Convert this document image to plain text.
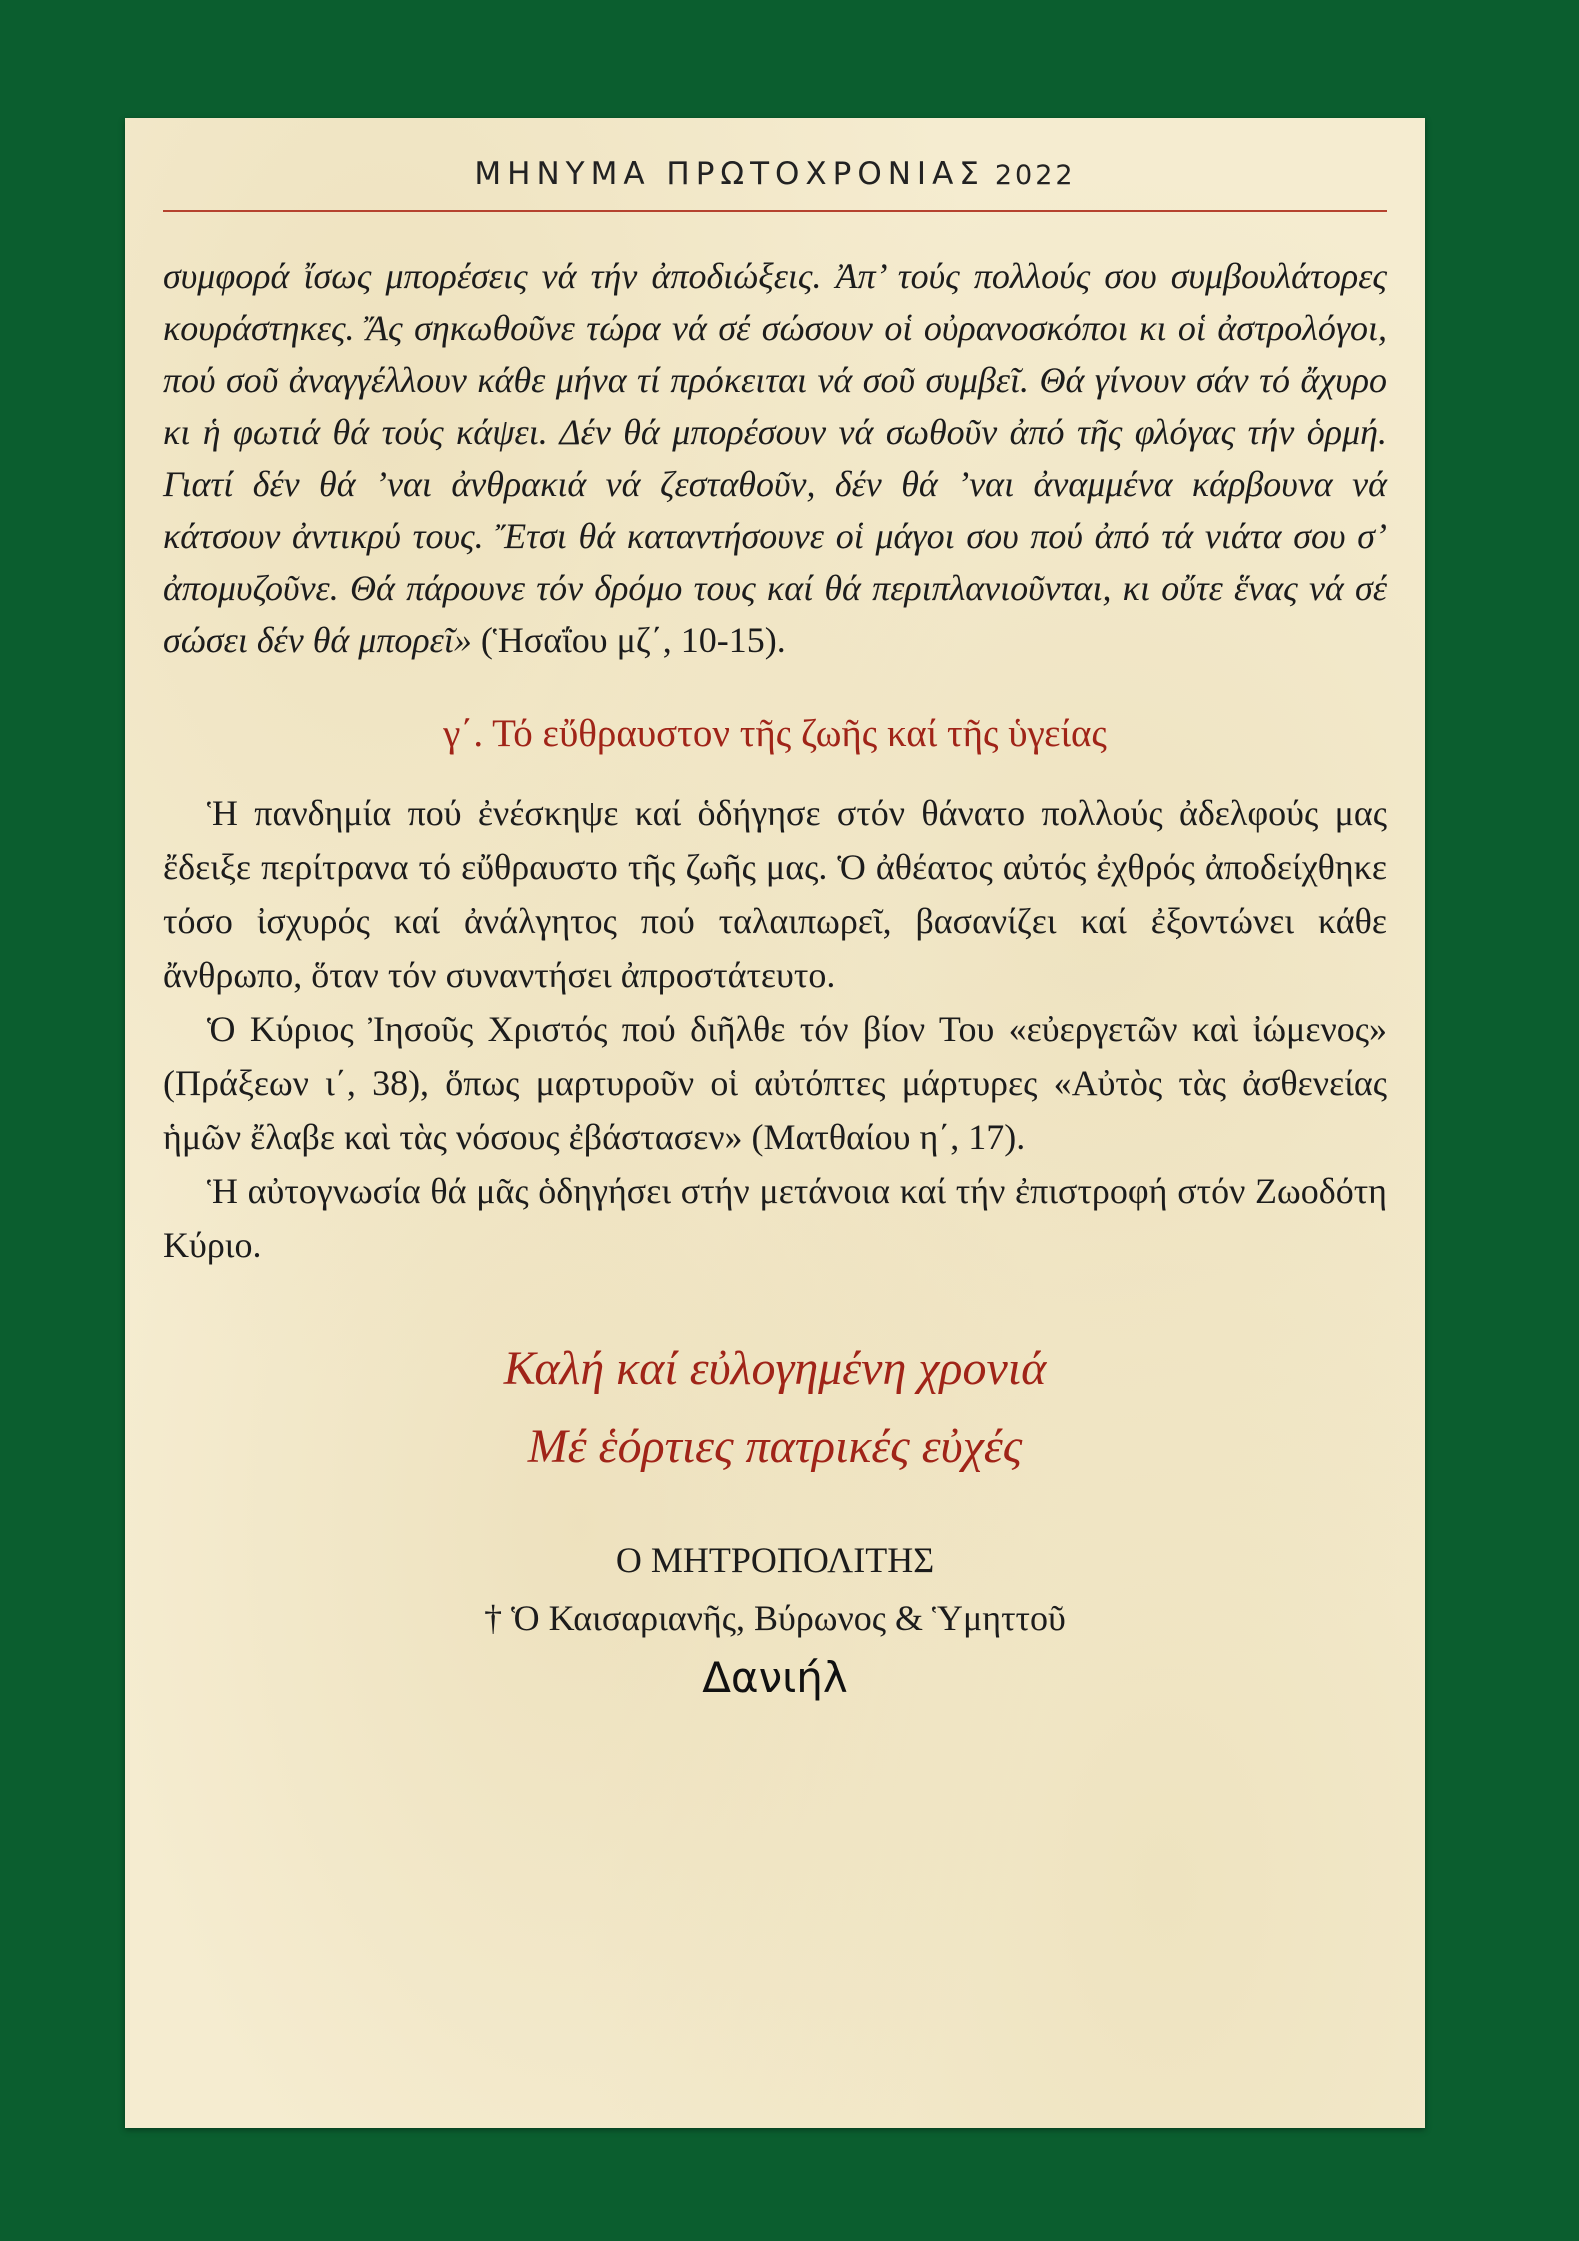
ΜΗΝΥΜΑ ΠΡΩΤΟΧΡΟΝΙΑΣ 2022

συμφορά ἴσως μπορέσεις νά τήν ἀποδιώξεις. Ἀπ’ τούς πολλούς σου συμβουλάτορες κουράστηκες. Ἄς σηκωθοῦνε τώρα νά σέ σώσουν οἱ οὐρανοσκόποι κι οἱ ἀστρολόγοι, πού σοῦ ἀναγγέλλουν κάθε μήνα τί πρόκειται νά σοῦ συμβεῖ. Θά γίνουν σάν τό ἄχυρο κι ἡ φωτιά θά τούς κάψει. Δέν θά μπορέσουν νά σωθοῦν ἀπό τῆς φλόγας τήν ὁρμή. Γιατί δέν θά ’ναι ἀνθρακιά νά ζεσταθοῦν, δέν θά ’ναι ἀναμμένα κάρβουνα νά κάτσουν ἀντικρύ τους. Ἔτσι θά καταντήσουνε οἱ μάγοι σου πού ἀπό τά νιάτα σου σ’ ἀπομυζοῦνε. Θά πάρουνε τόν δρόμο τους καί θά περιπλανιοῦνται, κι οὔτε ἕνας νά σέ σώσει δέν θά μπορεῖ» (Ἡσαΐου μζ΄, 10-15).

γ΄. Τό εὔθραυστον τῆς ζωῆς καί τῆς ὑγείας

Ἡ πανδημία πού ἐνέσκηψε καί ὁδήγησε στόν θάνατο πολλούς ἀδελφούς μας ἔδειξε περίτρανα τό εὔθραυστο τῆς ζωῆς μας. Ὁ ἀθέατος αὐτός ἐχθρός ἀποδείχθηκε τόσο ἰσχυρός καί ἀνάλγητος πού ταλαιπωρεῖ, βασανίζει καί ἐξοντώνει κάθε ἄνθρωπο, ὅταν τόν συναντήσει ἀπροστάτευτο.

Ὁ Κύριος Ἰησοῦς Χριστός πού διῆλθε τόν βίον Του «εὐεργετῶν καὶ ἰώμενος» (Πράξεων ι΄, 38), ὅπως μαρτυροῦν οἱ αὐτόπτες μάρτυρες «Αὐτὸς τὰς ἀσθενείας ἡμῶν ἔλαβε καὶ τὰς νόσους ἐβάστασεν» (Ματθαίου η΄, 17).

Ἡ αὐτογνωσία θά μᾶς ὁδηγήσει στήν μετάνοια καί τήν ἐπιστροφή στόν Ζωοδότη Κύριο.

Καλή καί εὐλογημένη χρονιά
Μέ ἑόρτιες πατρικές εὐχές
Ο ΜΗΤΡΟΠΟΛΙΤΗΣ
† Ὁ Καισαριανῆς, Βύρωνος & Ὑμηττοῦ
Δανιήλ
